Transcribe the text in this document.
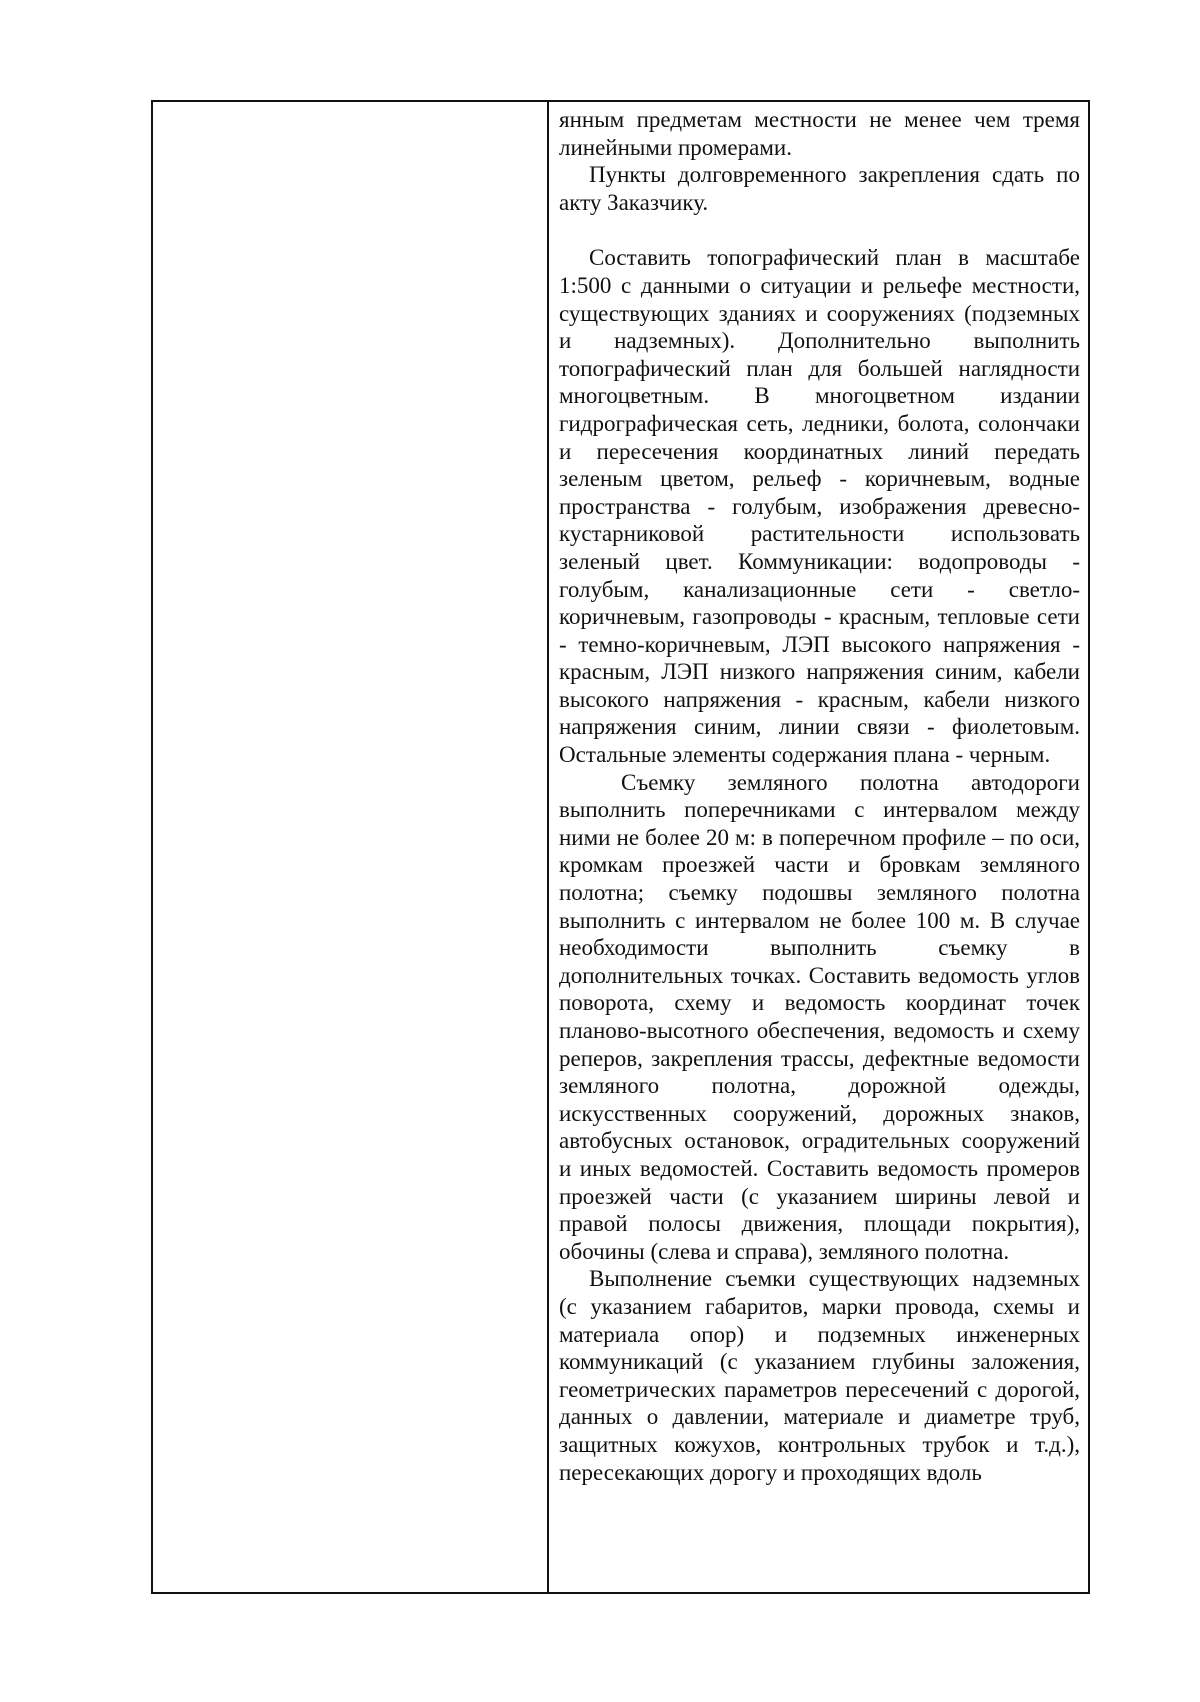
янным предметам местности не менее чем тремя линейными промерами.

Пункты долговременного закрепления сдать по акту Заказчику.

Составить топографический план в масштабе 1:500 с данными о ситуации и рельефе местности, существующих зданиях и сооружениях (подземных и надземных). Дополнительно выполнить топографический план для большей наглядности многоцветным. В многоцветном издании гидрографическая сеть, ледники, болота, солончаки и пересечения координатных линий передать зеленым цветом, рельеф - коричневым, водные пространства - голубым, изображения древесно-кустарниковой растительности использовать зеленый цвет. Коммуникации: водопроводы - голубым, канализационные сети - светло-коричневым, газопроводы - красным, тепловые сети - темно-коричневым, ЛЭП высокого напряжения - красным, ЛЭП низкого напряжения синим, кабели высокого напряжения - красным, кабели низкого напряжения синим, линии связи - фиолетовым. Остальные элементы содержания плана - черным.

Съемку земляного полотна автодороги выполнить поперечниками с интервалом между ними не более 20 м: в поперечном профиле – по оси, кромкам проезжей части и бровкам земляного полотна; съемку подошвы земляного полотна выполнить с интервалом не более 100 м. В случае необходимости выполнить съемку в дополнительных точках. Составить ведомость углов поворота, схему и ведомость координат точек планово-высотного обеспечения, ведомость и схему реперов, закрепления трассы, дефектные ведомости земляного полотна, дорожной одежды, искусственных сооружений, дорожных знаков, автобусных остановок, оградительных сооружений и иных ведомостей. Составить ведомость промеров проезжей части (с указанием ширины левой и правой полосы движения, площади покрытия), обочины (слева и справа), земляного полотна.

Выполнение съемки существующих надземных (с указанием габаритов, марки провода, схемы и материала опор) и подземных инженерных коммуникаций (с указанием глубины заложения, геометрических параметров пересечений с дорогой, данных о давлении, материале и диаметре труб, защитных кожухов, контрольных трубок и т.д.), пересекающих дорогу и проходящих вдоль
